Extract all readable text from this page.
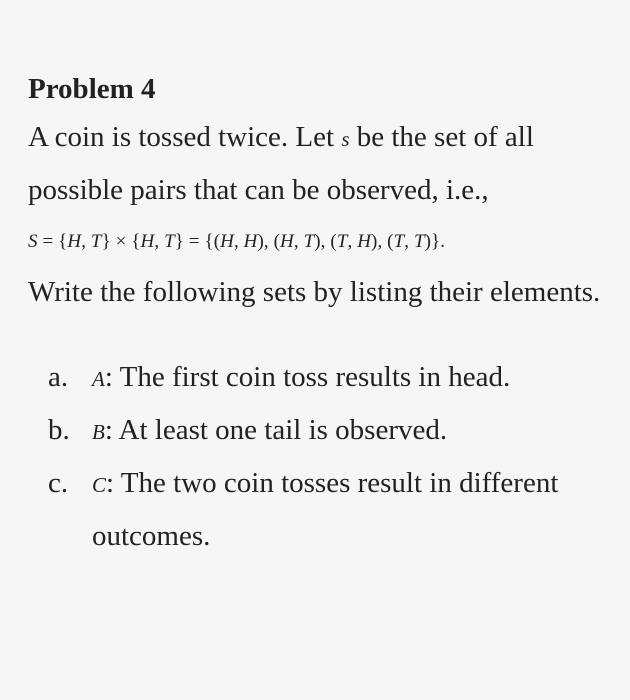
Problem 4

A coin is tossed twice. Let s be the set of all possible pairs that can be observed, i.e.,

S = {H, T} × {H, T} = {(H, H), (H, T), (T, H), (T, T)}.

Write the following sets by listing their elements.

a. A: The first coin toss results in head.
b. B: At least one tail is observed.
c. C: The two coin tosses result in different outcomes.
